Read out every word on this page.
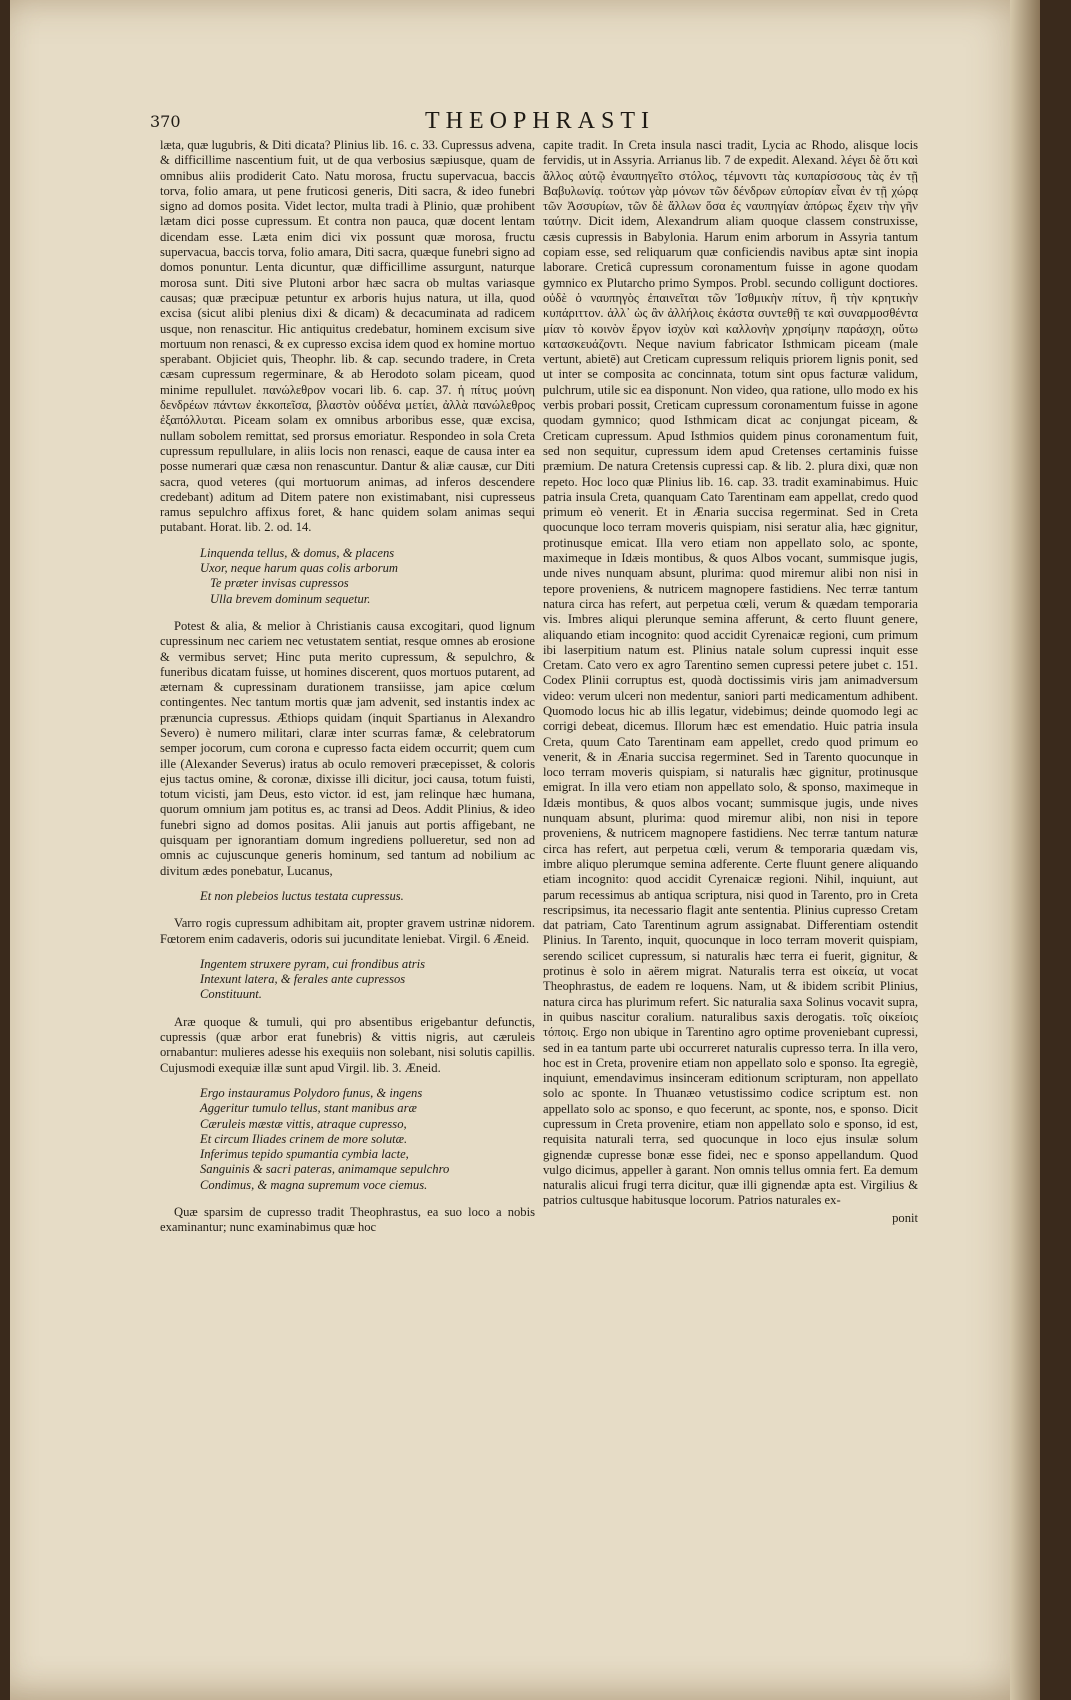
370	THEOPHRASTI

læta, quæ lugubris, & Diti dicata? Plinius lib. 16. c. 33. Cupressus advena, & difficillime nascentium fuit, ut de qua verbosius sæpiusque, quam de omnibus aliis prodiderit Cato. Natu morosa, fructu supervacua, baccis torva, folio amara, ut pene fruticosi generis, Diti sacra, & ideo funebri signo ad domos posita. Videt lector, multa tradi à Plinio, quæ prohibent lætam dici posse cupressum. Et contra non pauca, quæ docent lentam dicendam esse. Læta enim dici vix possunt quæ morosa, fructu supervacua, baccis torva, folio amara, Diti sacra, quæque funebri signo ad domos ponuntur. Lenta dicuntur, quæ difficillime assurgunt, naturque morosa sunt. Diti sive Plutoni arbor hæc sacra ob multas variasque causas; quæ præcipuæ petuntur ex arboris hujus natura, ut illa, quod excisa (sicut alibi plenius dixi & dicam) & decacuminata ad radicem usque, non renascitur. Hic antiquitus credebatur, hominem excisum sive mortuum non renasci, & ex cupresso excisa idem quod ex homine mortuo sperabant. Objiciet quis, Theophr. lib. & cap. secundo tradere, in Creta cæsam cupressum regerminare, & ab Herodoto solam piceam, quod minime repullulet. πανώλεθρον vocari lib. 6. cap. 37. ἡ πίτυς μούνη δενδρέων πάντων ἐκκοπεῖσα, βλαστὸν οὐδένα μετίει, ἀλλὰ πανώλεθρος ἐξαπόλλυται. Piceam solam ex omnibus arboribus esse, quæ excisa, nullam sobolem remittat, sed prorsus emoriatur. Respondeo in sola Creta cupressum repullulare, in aliis locis non renasci, eaque de causa inter ea posse numerari quæ cæsa non renascuntur. Dantur & aliæ causæ, cur Diti sacra, quod veteres (qui mortuorum animas, ad inferos descendere credebant) aditum ad Ditem patere non existimabant, nisi cupresseus ramus sepulchro affixus foret, & hanc quidem solam animas sequi putabant. Horat. lib. 2. od. 14.

Linquenda tellus, & domus, & placens
Uxor, neque harum quas colis arborum
Te præter invisas cupressos
Ulla brevem dominum sequetur.

Potest & alia, & melior à Christianis causa excogitari, quod lignum cupressinum nec cariem nec vetustatem sentiat, resque omnes ab erosione & vermibus servet; Hinc puta merito cupressum, & sepulchro, & funeribus dicatam fuisse, ut homines discerent, quos mortuos putarent, ad æternam & cupressinam durationem transiisse, jam apice cœlum contingentes. Nec tantum mortis quæ jam advenit, sed instantis index ac prænuncia cupressus. Æthiops quidam (inquit Spartianus in Alexandro Severo) è numero militari, claræ inter scurras famæ, & celebratorum semper jocorum, cum corona e cupresso facta eidem occurrit; quem cum ille (Alexander Severus) iratus ab oculo removeri præcepisset, & coloris ejus tactus omine, & coronæ, dixisse illi dicitur, joci causa, totum fuisti, totum vicisti, jam Deus, esto victor. id est, jam relinque hæc humana, quorum omnium jam potitus es, ac transi ad Deos. Addit Plinius, & ideo funebri signo ad domos positas. Alii januis aut portis affigebant, ne quisquam per ignorantiam domum ingrediens pollueretur, sed non ad omnis ac cujuscunque generis hominum, sed tantum ad nobilium ac divitum ædes ponebatur, Lucanus,

Et non plebeios luctus testata cupressus.

Varro rogis cupressum adhibitam ait, propter gravem ustrinæ nidorem. Fœtorem enim cadaveris, odoris sui jucunditate leniebat. Virgil. 6 Æneid.

Ingentem struxere pyram, cui frondibus atris
Intexunt latera, & ferales ante cupressos
Constituunt.

Aræ quoque & tumuli, qui pro absentibus erigebantur defunctis, cupressis (quæ arbor erat funebris) & vittis nigris, aut cæruleis ornabantur: mulieres adesse his exequiis non solebant, nisi solutis capillis. Cujusmodi exequiæ illæ sunt apud Virgil. lib. 3. Æneid.

Ergo instauramus Polydoro funus, & ingens
Aggeritur tumulo tellus, stant manibus aræ
Cæruleis mæstæ vittis, atraque cupresso,
Et circum Iliades crinem de more solutæ.
Inferimus tepido spumantia cymbia lacte,
Sanguinis & sacri pateras, animamque sepulchro
Condimus, & magna supremum voce ciemus.

Quæ sparsim de cupresso tradit Theophrastus, ea suo loco a nobis examinantur; nunc examinabimus quæ hoc

capite tradit. In Creta insula nasci tradit, Lycia ac Rhodo, alisque locis fervidis, ut in Assyria. Arrianus lib. 7 de expedit. Alexand. λέγει δὲ ὅτι καὶ ἄλλος αὐτῷ ἐναυπηγεῖτο στόλος, τέμνοντι τὰς κυπαρίσσους τὰς ἐν τῇ Βαβυλωνίᾳ. τούτων γὰρ μόνων τῶν δένδρων εὐπορίαν εἶναι ἐν τῇ χώρᾳ τῶν Ἀσσυρίων, τῶν δὲ ἄλλων ὅσα ἐς ναυπηγίαν ἀπόρως ἔχειν τὴν γῆν ταύτην. Dicit idem, Alexandrum aliam quoque classem construxisse, cæsis cupressis in Babylonia. Harum enim arborum in Assyria tantum copiam esse, sed reliquarum quæ conficiendis navibus aptæ sint inopia laborare. Creticâ cupressum coronamentum fuisse in agone quodam gymnico ex Plutarcho primo Sympos. Probl. secundo colligunt doctiores. οὐδὲ ὁ ναυπηγὸς ἐπαινεῖται τῶν Ἰσθμικὴν πίτυν, ἢ τὴν κρητικὴν κυπάριττον. ἀλλ᾽ ὡς ἂν ἀλλήλοις ἐκάστα συντεθῇ τε καὶ συναρμοσθέντα μίαν τὸ κοινὸν ἔργον ἰσχὺν καὶ καλλονὴν χρησίμην παράσχη, οὕτω κατασκευάζοντι. Neque navium fabricator Isthmicam piceam (male vertunt, abietē) aut Creticam cupressum reliquis priorem lignis ponit, sed ut inter se composita ac concinnata, totum sint opus facturæ validum, pulchrum, utile sic ea disponunt. Non video, qua ratione, ullo modo ex his verbis probari possit, Creticam cupressum coronamentum fuisse in agone quodam gymnico; quod Isthmicam dicat ac conjungat piceam, & Creticam cupressum. Apud Isthmios quidem pinus coronamentum fuit, sed non sequitur, cupressum idem apud Cretenses certaminis fuisse præmium. De natura Cretensis cupressi cap. & lib. 2. plura dixi, quæ non repeto. Hoc loco quæ Plinius lib. 16. cap. 33. tradit examinabimus. Huic patria insula Creta, quanquam Cato Tarentinam eam appellat, credo quod primum eò venerit. Et in Ænaria succisa regerminat. Sed in Creta quocunque loco terram moveris quispiam, nisi seratur alia, hæc gignitur, protinusque emicat. Illa vero etiam non appellato solo, ac sponte, maximeque in Idæis montibus, & quos Albos vocant, summisque jugis, unde nives nunquam absunt, plurima: quod miremur alibi non nisi in tepore proveniens, & nutricem magnopere fastidiens. Nec terræ tantum natura circa has refert, aut perpetua cœli, verum & quædam temporaria vis. Imbres aliqui plerunque semina afferunt, & certo fluunt genere, aliquando etiam incognito: quod accidit Cyrenaicæ regioni, cum primum ibi laserpitium natum est. Plinius natale solum cupressi inquit esse Cretam. Cato vero ex agro Tarentino semen cupressi petere jubet c. 151. Codex Plinii corruptus est, quodà doctissimis viris jam animadversum video: verum ulceri non medentur, saniori parti medicamentum adhibent. Quomodo locus hic ab illis legatur, videbimus; deinde quomodo legi ac corrigi debeat, dicemus. Illorum hæc est emendatio. Huic patria insula Creta, quum Cato Tarentinam eam appellet, credo quod primum eo venerit, & in Ænaria succisa regerminet. Sed in Tarento quocunque in loco terram moveris quispiam, si naturalis hæc gignitur, protinusque emigrat. In illa vero etiam non appellato solo, & sponso, maximeque in Idæis montibus, & quos albos vocant; summisque jugis, unde nives nunquam absunt, plurima: quod miremur alibi, non nisi in tepore proveniens, & nutricem magnopere fastidiens. Nec terræ tantum naturæ circa has refert, aut perpetua cœli, verum & temporaria quædam vis, imbre aliquo plerumque semina adferente. Certe fluunt genere aliquando etiam incognito: quod accidit Cyrenaicæ regioni. Nihil, inquiunt, aut parum recessimus ab antiqua scriptura, nisi quod in Tarento, pro in Creta rescripsimus, ita necessario flagit ante sententia. Plinius cupresso Cretam dat patriam, Cato Tarentinum agrum assignabat. Differentiam ostendit Plinius. In Tarento, inquit, quocunque in loco terram moverit quispiam, serendo scilicet cupressum, si naturalis hæc terra ei fuerit, gignitur, & protinus è solo in aërem migrat. Naturalis terra est οἰκεία, ut vocat Theophrastus, de eadem re loquens. Nam, ut & ibidem scribit Plinius, natura circa has plurimum refert. Sic naturalia saxa Solinus vocavit supra, in quibus nascitur coralium. naturalibus saxis derogatis. τοῖς οἰκείοις τόποις. Ergo non ubique in Tarentino agro optime proveniebant cupressi, sed in ea tantum parte ubi occurreret naturalis cupresso terra. In illa vero, hoc est in Creta, provenire etiam non appellato solo e sponso. Ita egregiè, inquiunt, emendavimus insinceram editionum scripturam, non appellato solo ac sponte. In Thuanæo vetustissimo codice scriptum est. non appellato solo ac sponso, e quo fecerunt, ac sponte, nos, e sponso. Dicit cupressum in Creta provenire, etiam non appellato solo e sponso, id est, requisita naturali terra, sed quocunque in loco ejus insulæ solum gignendæ cupresse bonæ esse fidei, nec e sponso appellandum. Quod vulgo dicimus, appeller à garant. Non omnis tellus omnia fert. Ea demum naturalis alicui frugi terra dicitur, quæ illi gignendæ apta est. Virgilius & patrios cultusque habitusque locorum. Patrios naturales ex-

ponit
